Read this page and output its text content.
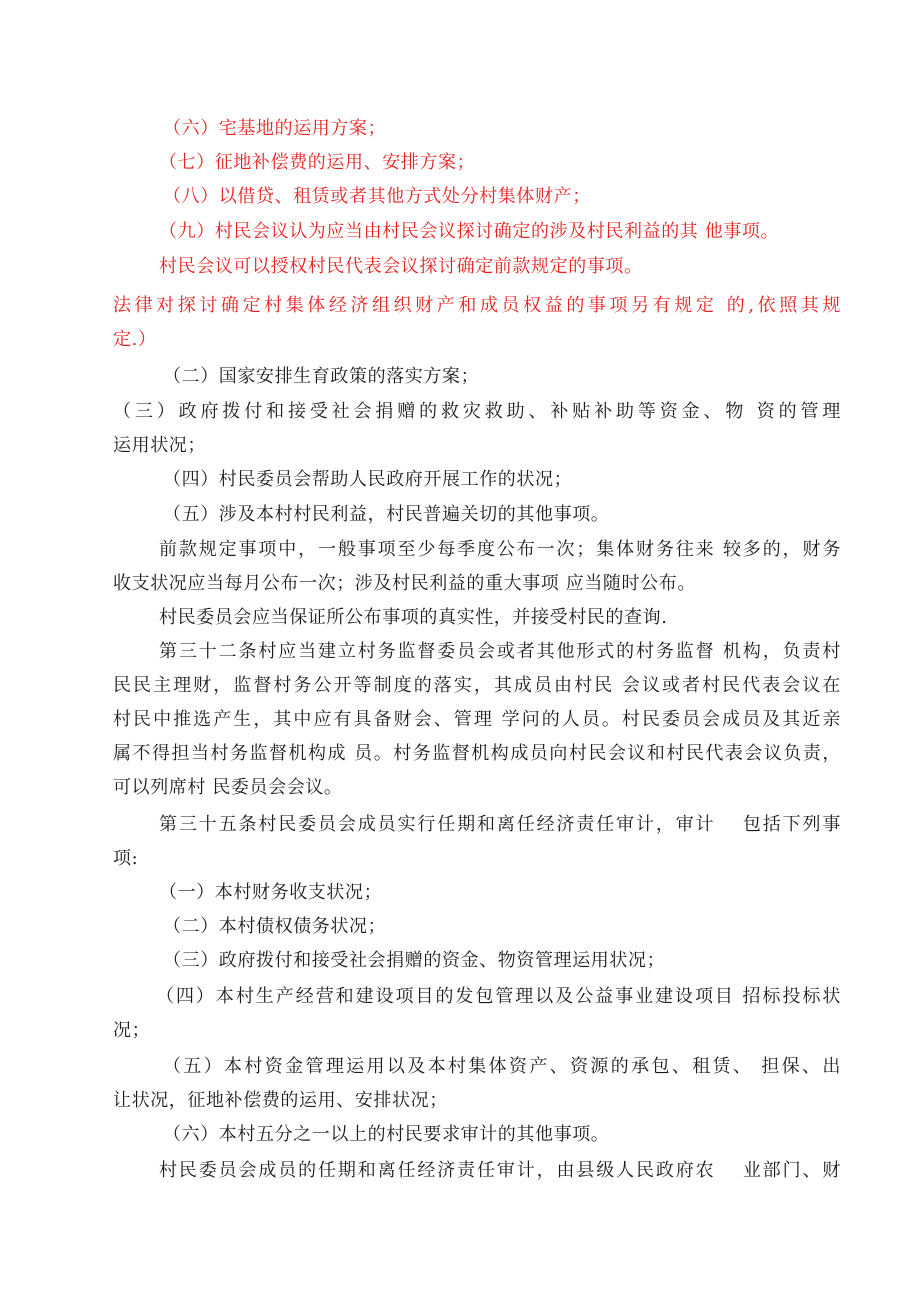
（六）宅基地的运用方案；
（七）征地补偿费的运用、安排方案；
（八）以借贷、租赁或者其他方式处分村集体财产；
（九）村民会议认为应当由村民会议探讨确定的涉及村民利益的其 他事项。
村民会议可以授权村民代表会议探讨确定前款规定的事项。
法律对探讨确定村集体经济组织财产和成员权益的事项另有规定 的,依照其规
定.）
（二）国家安排生育政策的落实方案；
（三）政府拨付和接受社会捐赠的救灾救助、补贴补助等资金、物 资的管理
运用状况；
（四）村民委员会帮助人民政府开展工作的状况；
（五）涉及本村村民利益，村民普遍关切的其他事项。
前款规定事项中，一般事项至少每季度公布一次；集体财务往来 较多的，财务
收支状况应当每月公布一次；涉及村民利益的重大事项 应当随时公布。
村民委员会应当保证所公布事项的真实性，并接受村民的查询.
第三十二条村应当建立村务监督委员会或者其他形式的村务监督 机构，负责村
民民主理财，监督村务公开等制度的落实，其成员由村民 会议或者村民代表会议在
村民中推选产生，其中应有具备财会、管理 学问的人员。村民委员会成员及其近亲
属不得担当村务监督机构成 员。村务监督机构成员向村民会议和村民代表会议负责，
可以列席村 民委员会会议。
第三十五条村民委员会成员实行任期和离任经济责任审计，审计 　包括下列事
项:
（一）本村财务收支状况；
（二）本村债权债务状况；
（三）政府拨付和接受社会捐赠的资金、物资管理运用状况；
（四）本村生产经营和建设项目的发包管理以及公益事业建设项目 招标投标状
况；
（五）本村资金管理运用以及本村集体资产、资源的承包、租赁、 担保、出
让状况，征地补偿费的运用、安排状况；
（六）本村五分之一以上的村民要求审计的其他事项。
村民委员会成员的任期和离任经济责任审计，由县级人民政府农 　业部门、财
